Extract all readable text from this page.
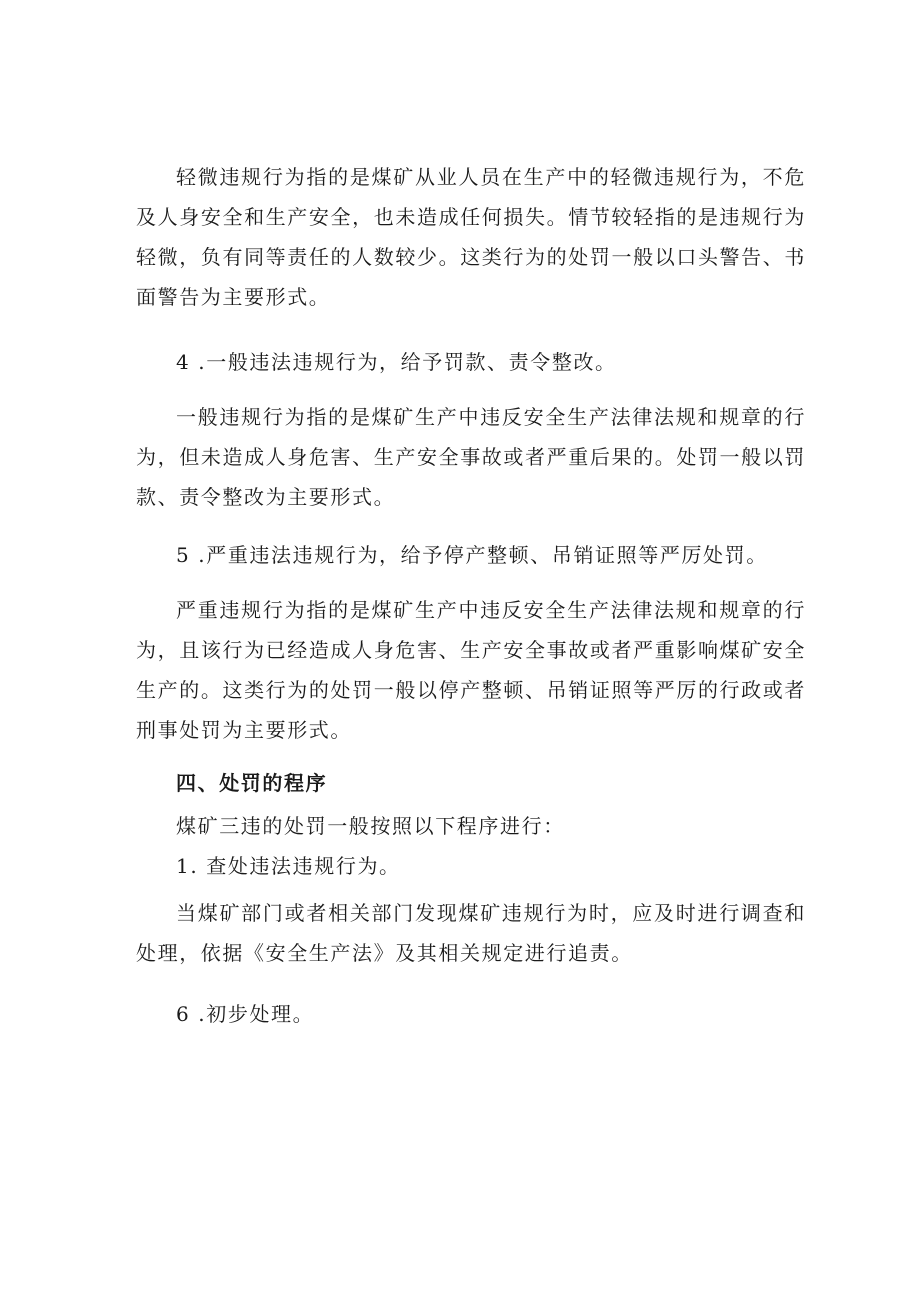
轻微违规行为指的是煤矿从业人员在生产中的轻微违规行为，不危及人身安全和生产安全，也未造成任何损失。情节较轻指的是违规行为轻微，负有同等责任的人数较少。这类行为的处罚一般以口头警告、书面警告为主要形式。

4 .一般违法违规行为，给予罚款、责令整改。

一般违规行为指的是煤矿生产中违反安全生产法律法规和规章的行为，但未造成人身危害、生产安全事故或者严重后果的。处罚一般以罚款、责令整改为主要形式。

5 .严重违法违规行为，给予停产整顿、吊销证照等严厉处罚。

严重违规行为指的是煤矿生产中违反安全生产法律法规和规章的行为，且该行为已经造成人身危害、生产安全事故或者严重影响煤矿安全生产的。这类行为的处罚一般以停产整顿、吊销证照等严厉的行政或者刑事处罚为主要形式。

四、处罚的程序

煤矿三违的处罚一般按照以下程序进行：

1. 查处违法违规行为。

当煤矿部门或者相关部门发现煤矿违规行为时，应及时进行调查和处理，依据《安全生产法》及其相关规定进行追责。

6 .初步处理。
